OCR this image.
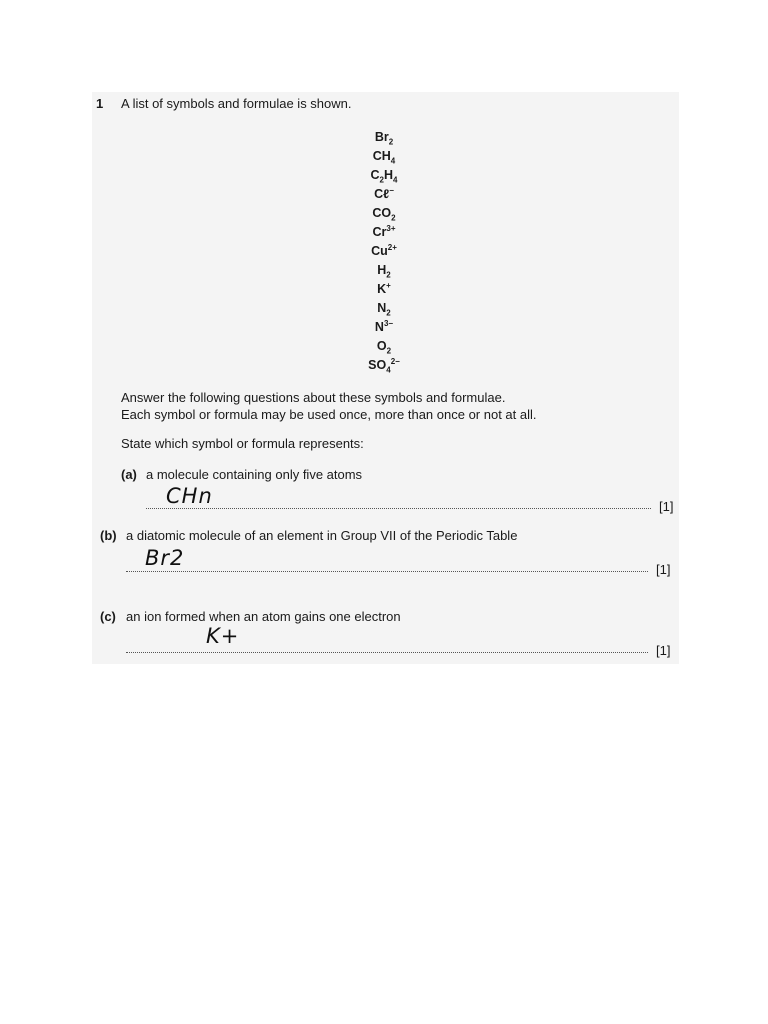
1 A list of symbols and formulae is shown.

$Br_2$
$CH_4$
$C_2H_4$
Cℓ−
$CO_2$
$Cr^{3+}$
$Cu^{2+}$
$H_2$
K+
$N_2$
$N^{3-}$
$O_2$
$SO_4^{2-}$
Answer the following questions about these symbols and formulae.
Each symbol or formula may be used once, more than once or not at all.

State which symbol or formula represents:

(a) a molecule containing only five atoms
CHn	[1]
(b) a diatomic molecule of an element in Group VII of the Periodic Table
Br2	[1]
(c) an ion formed when an atom gains one electron
K+
[1]
